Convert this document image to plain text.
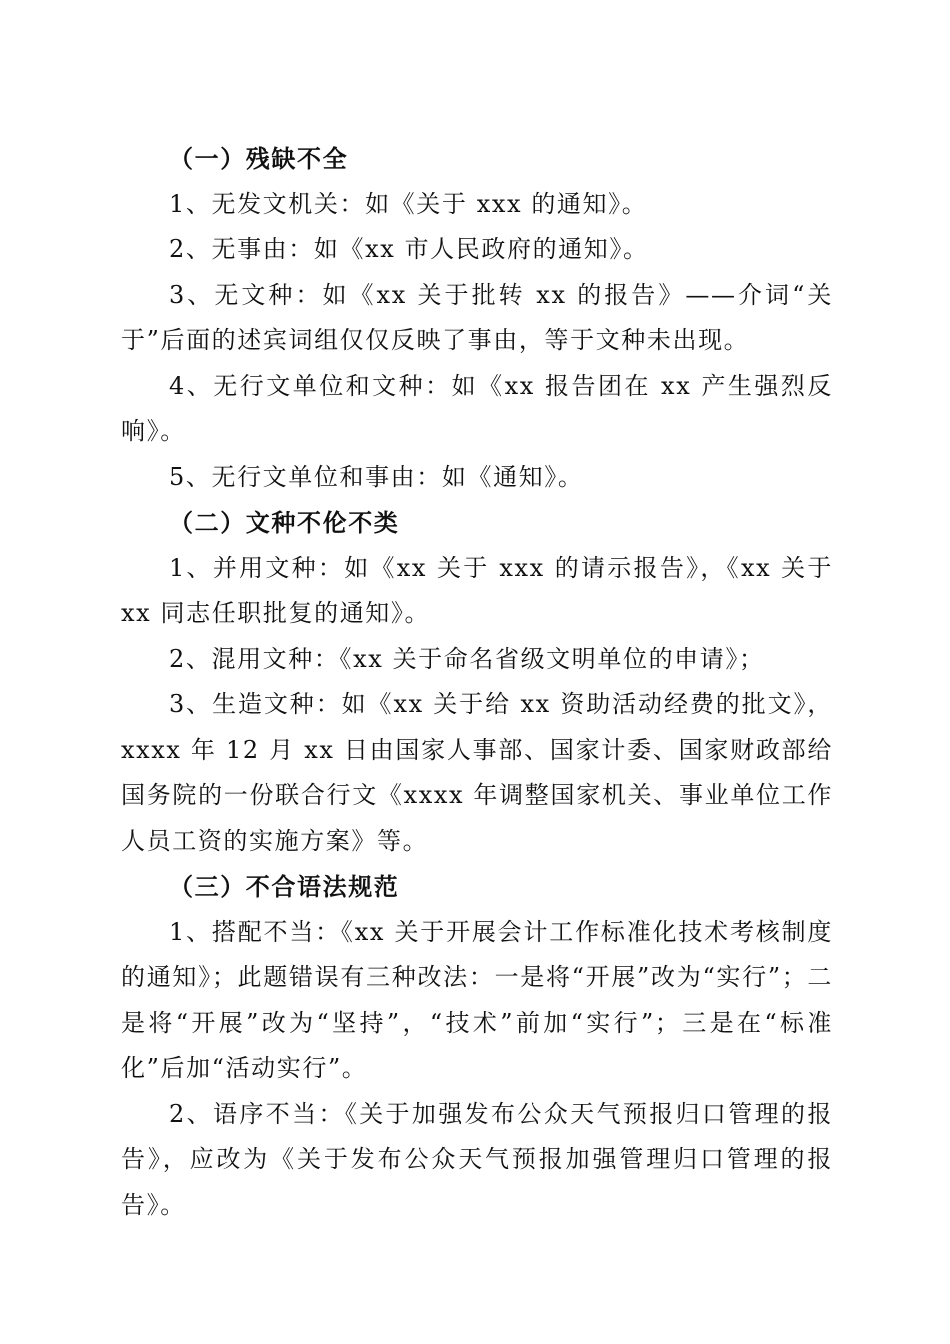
（一）残缺不全

1、无发文机关：如《关于 xxx 的通知》。

2、无事由：如《xx 市人民政府的通知》。

3、无文种：如《xx 关于批转 xx 的报告》——介词“关于”后面的述宾词组仅仅反映了事由，等于文种未出现。

4、无行文单位和文种：如《xx 报告团在 xx 产生强烈反响》。

5、无行文单位和事由：如《通知》。

（二）文种不伦不类

1、并用文种：如《xx 关于 xxx 的请示报告》，《xx 关于 xx 同志任职批复的通知》。

2、混用文种：《xx 关于命名省级文明单位的申请》；

3、生造文种：如《xx 关于给 xx 资助活动经费的批文》，xxxx 年 12 月 xx 日由国家人事部、国家计委、国家财政部给国务院的一份联合行文《xxxx 年调整国家机关、事业单位工作人员工资的实施方案》等。

（三）不合语法规范

1、搭配不当：《xx 关于开展会计工作标准化技术考核制度的通知》；此题错误有三种改法：一是将“开展”改为“实行”；二是将“开展”改为“坚持”，“技术”前加“实行”；三是在“标准化”后加“活动实行”。

2、语序不当：《关于加强发布公众天气预报归口管理的报告》，应改为《关于发布公众天气预报加强管理归口管理的报告》。
